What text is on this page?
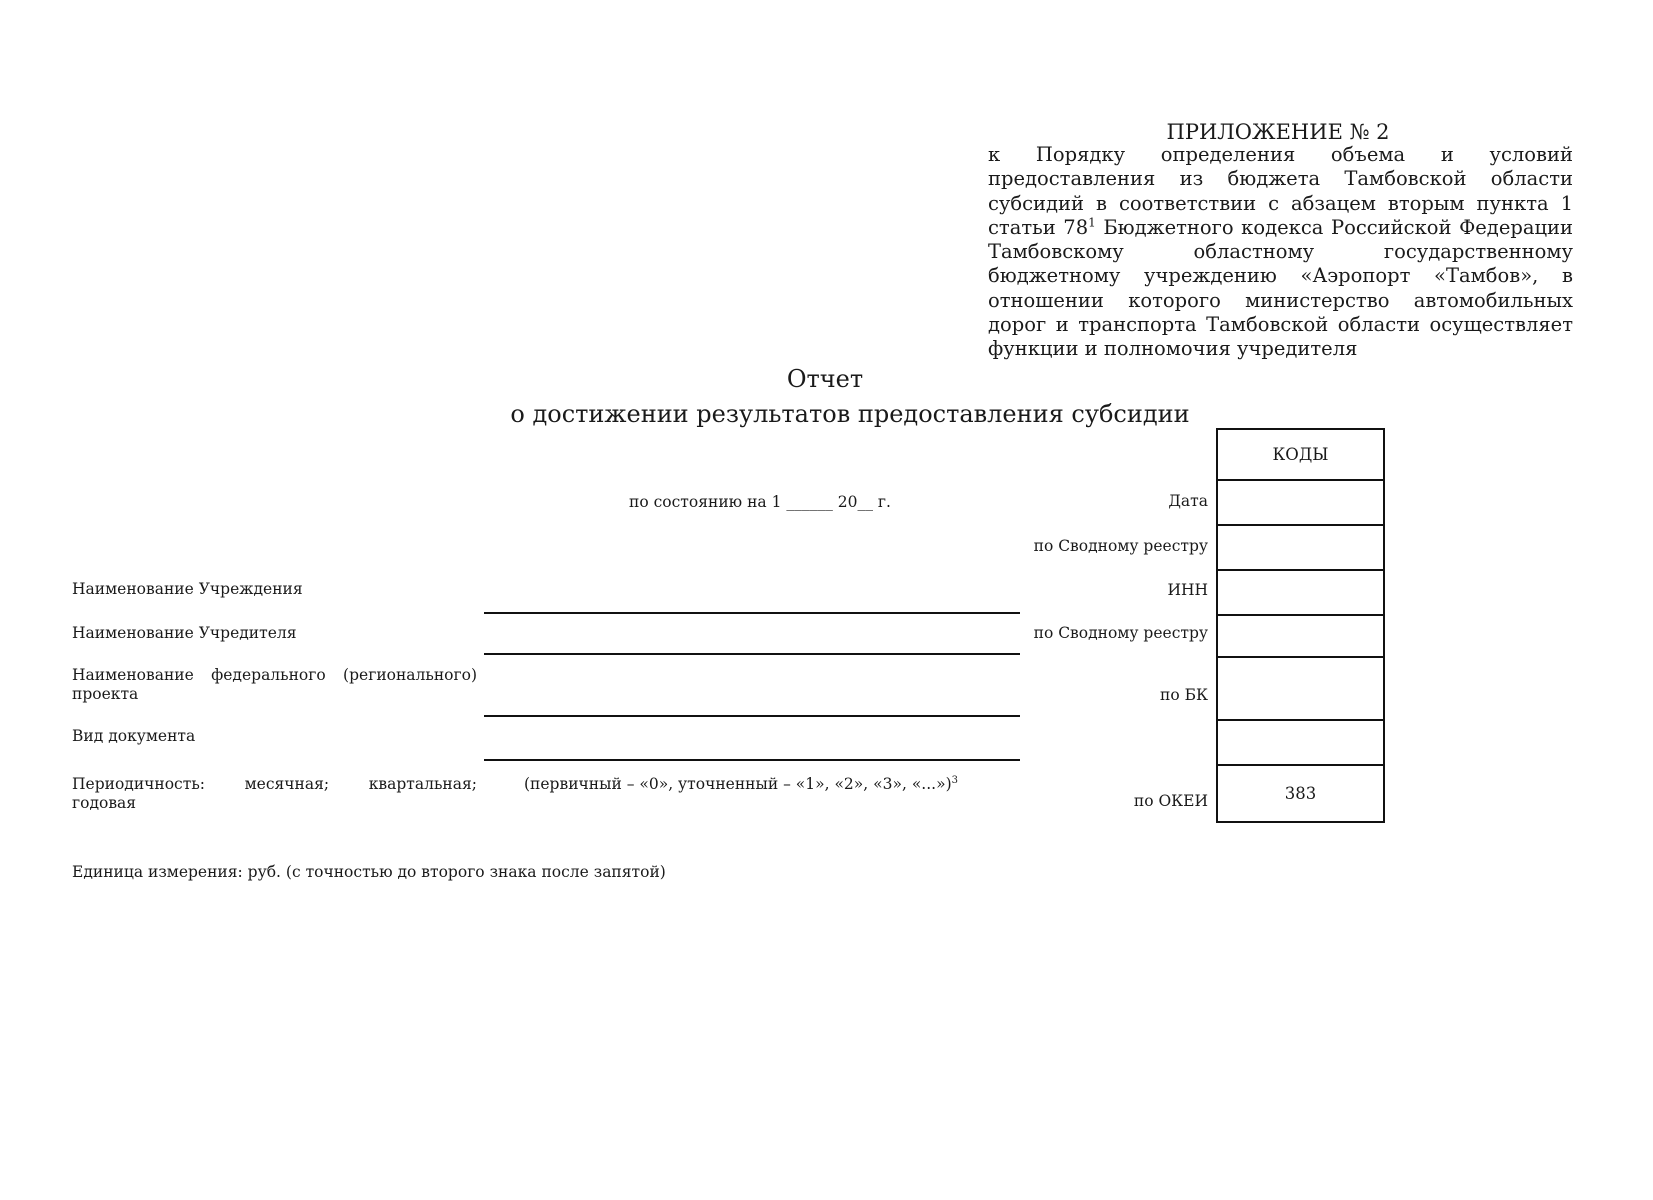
ПРИЛОЖЕНИЕ № 2
к Порядку определения объема и условий предоставления из бюджета Тамбовской области субсидий в соответствии с абзацем вторым пункта 1 статьи $78^1$ Бюджетного кодекса Российской Федерации Тамбовскому областному государственному бюджетному учреждению «Аэропорт «Тамбов», в отношении которого министерство автомобильных дорог и транспорта Тамбовской области осуществляет функции и полномочия учредителя
Отчет
о достижении результатов предоставления субсидии
по состоянию на 1 ______ 20__ г.
Наименование Учреждения
Наименование Учредителя
Наименование федерального (регионального) проекта
Вид документа
Периодичность:	месячная;	квартальная;
годовая
(первичный – «0», уточненный – «1», «2», «3», «...»)$^3$
Дата
по Сводному реестру
ИНН
по Сводному реестру
по БК
по ОКЕИ
КОДЫ
383
Единица измерения: руб. (с точностью до второго знака после запятой)
